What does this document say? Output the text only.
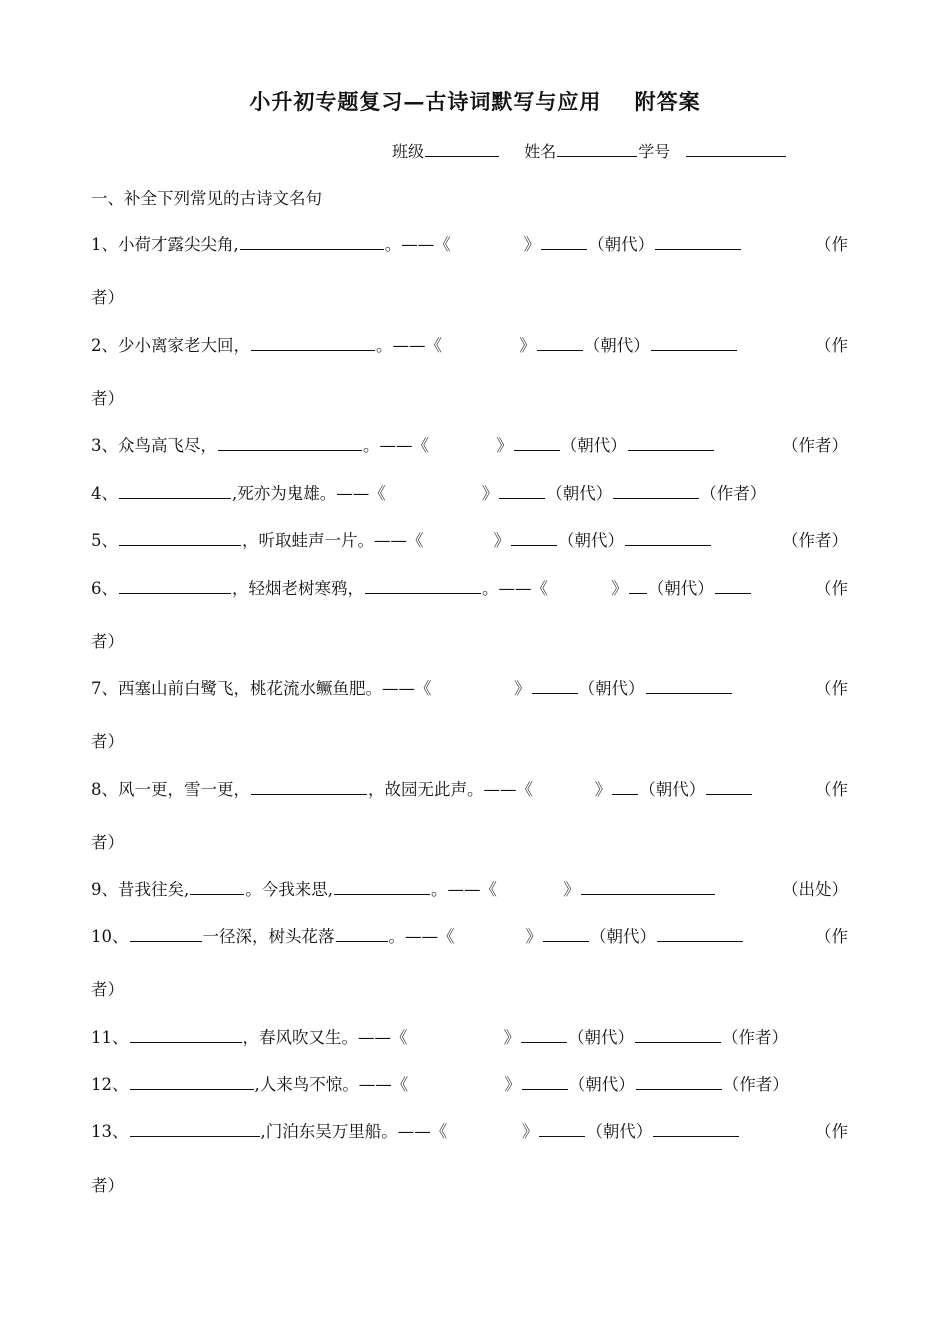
小升初专题复习—古诗词默写与应用    附答案
班级	姓名	学号
一、补全下列常见的古诗文名句
1、小荷才露尖尖角,	。——《	》	（朝代）	（作
者）
2、少小离家老大回，	。——《	》	（朝代）	（作
者）
3、众鸟高飞尽，	。——《	》	（朝代）	（作者）
4、	,死亦为鬼雄 。——《	》	（朝代）	（作者）
5、	，听取蛙声一片 。——《	》	（朝代）	（作者）
6、	，轻烟老树寒鸦，	。——《	》 （朝代）	（作
者）
7、西塞山前白鹭飞，桃花流水鳜鱼肥 。——《	》	（朝代）	（作
者）
8、风一更，雪一更，	，故园无此声 。——《	》 （朝代）	（作
者）
9、昔我往矣,	。今我来思,	。——《	》	（出处）
10、	一径深，树头花落	。——《	》	（朝代）	（作
者）
11、	，春风吹又生 。——《	》	（朝代）	（作者）
12、	,人来鸟不惊 。——《	》	（朝代）	（作者）
13、	,门泊东吴万里船 。——《	》	（朝代）	（作
者）
